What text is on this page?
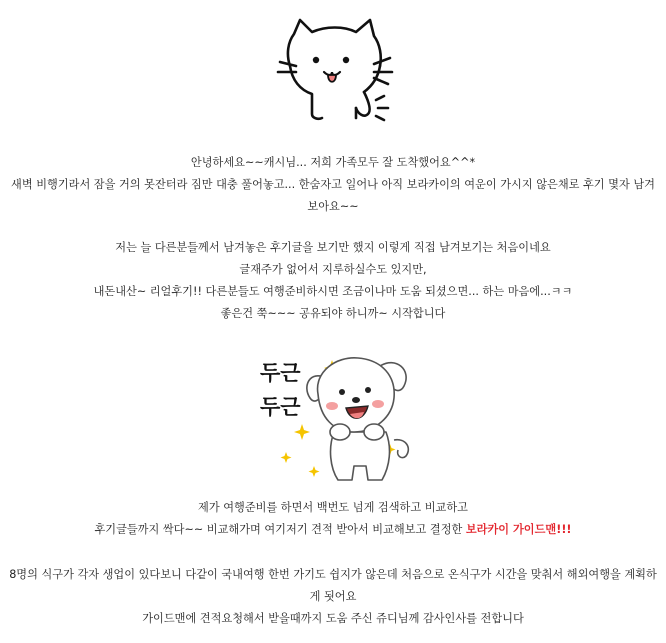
안녕하세요~~캐시님... 저희 가족모두 잘 도착했어요^^*

새벽 비행기라서 잠을 거의 못잔터라 짐만 대충 풀어놓고... 한숨자고 일어나 아직 보라카이의 여운이 가시지 않은채로 후기 몇자 남겨보아요~~

저는 늘 다른분들께서 남겨놓은 후기글을 보기만 했지 이렇게 직접 남겨보기는 처음이네요

글재주가 없어서 지루하실수도 있지만,

내돈내산~ 리얼후기!! 다른분들도 여행준비하시면 조금이나마 도움 되셨으면... 하는 마음에...ㅋㅋ

좋은건 쭉~~~ 공유되야 하니까~ 시작합니다

두근
두근

제가 여행준비를 하면서 백번도 넘게 검색하고 비교하고

후기글들까지 싹다~~ 비교해가며 여기저기 견적 받아서 비교해보고 결정한 보라카이 가이드맨!!!

8명의 식구가 각자 생업이 있다보니 다같이 국내여행 한번 가기도 쉽지가 않은데 처음으로 온식구가 시간을 맞춰서 해외여행을 계획하게 됫어요

가이드맨에 견적요청해서 받을때까지 도움 주신 쥬디님께 감사인사를 전합니다
